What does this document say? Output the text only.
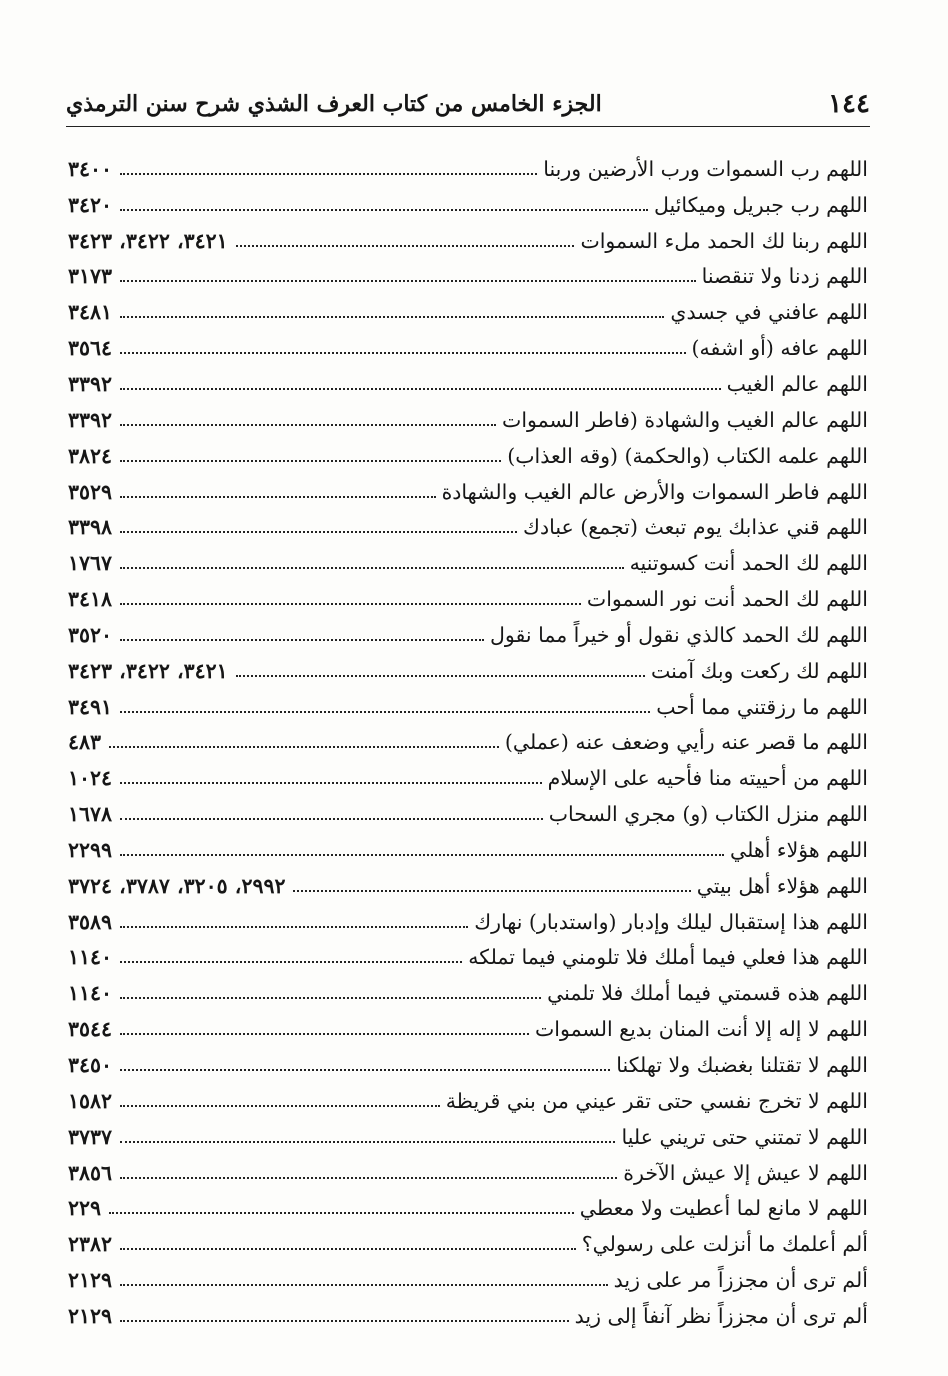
١٤٤
الجزء الخامس من كتاب العرف الشذي شرح سنن الترمذي
اللهم رب السموات ورب الأرضين وربنا
٣٤٠٠
اللهم رب جبريل وميكائيل
٣٤٢٠
اللهم ربنا لك الحمد ملء السموات
٣٤٢١، ٣٤٢٢، ٣٤٢٣
اللهم زدنا ولا تنقصنا
٣١٧٣
اللهم عافني في جسدي
٣٤٨١
اللهم عافه (أو اشفه)
٣٥٦٤
اللهم عالم الغيب
٣٣٩٢
اللهم عالم الغيب والشهادة (فاطر السموات
٣٣٩٢
اللهم علمه الكتاب (والحكمة) (وقه العذاب)
٣٨٢٤
اللهم فاطر السموات والأرض عالم الغيب والشهادة
٣٥٢٩
اللهم قني عذابك يوم تبعث (تجمع) عبادك
٣٣٩٨
اللهم لك الحمد أنت كسوتنيه
١٧٦٧
اللهم لك الحمد أنت نور السموات
٣٤١٨
اللهم لك الحمد كالذي نقول أو خيراً مما نقول
٣٥٢٠
اللهم لك ركعت وبك آمنت
٣٤٢١، ٣٤٢٢، ٣٤٢٣
اللهم ما رزقتني مما أحب
٣٤٩١
اللهم ما قصر عنه رأيي وضعف عنه (عملي)
٤٨٣
اللهم من أحييته منا فأحيه على الإسلام
١٠٢٤
اللهم منزل الكتاب (و) مجري السحاب
١٦٧٨
اللهم هؤلاء أهلي
٢٢٩٩
اللهم هؤلاء أهل بيتي
٢٩٩٢، ٣٢٠٥، ٣٧٨٧، ٣٧٢٤
اللهم هذا إستقبال ليلك وإدبار (واستدبار) نهارك
٣٥٨٩
اللهم هذا فعلي فيما أملك فلا تلومني فيما تملكه
١١٤٠
اللهم هذه قسمتي فيما أملك فلا تلمني
١١٤٠
اللهم لا إله إلا أنت المنان بديع السموات
٣٥٤٤
اللهم لا تقتلنا بغضبك ولا تهلكنا
٣٤٥٠
اللهم لا تخرج نفسي حتى تقر عيني من بني قريظة
١٥٨٢
اللهم لا تمتني حتى تريني عليا
٣٧٣٧
اللهم لا عيش إلا عيش الآخرة
٣٨٥٦
اللهم لا مانع لما أعطيت ولا معطي
٢٢٩
ألم أعلمك ما أنزلت على رسولي؟
٢٣٨٢
ألم ترى أن مجززاً مر على زيد
٢١٢٩
ألم ترى أن مجززاً نظر آنفاً إلى زيد
٢١٢٩
